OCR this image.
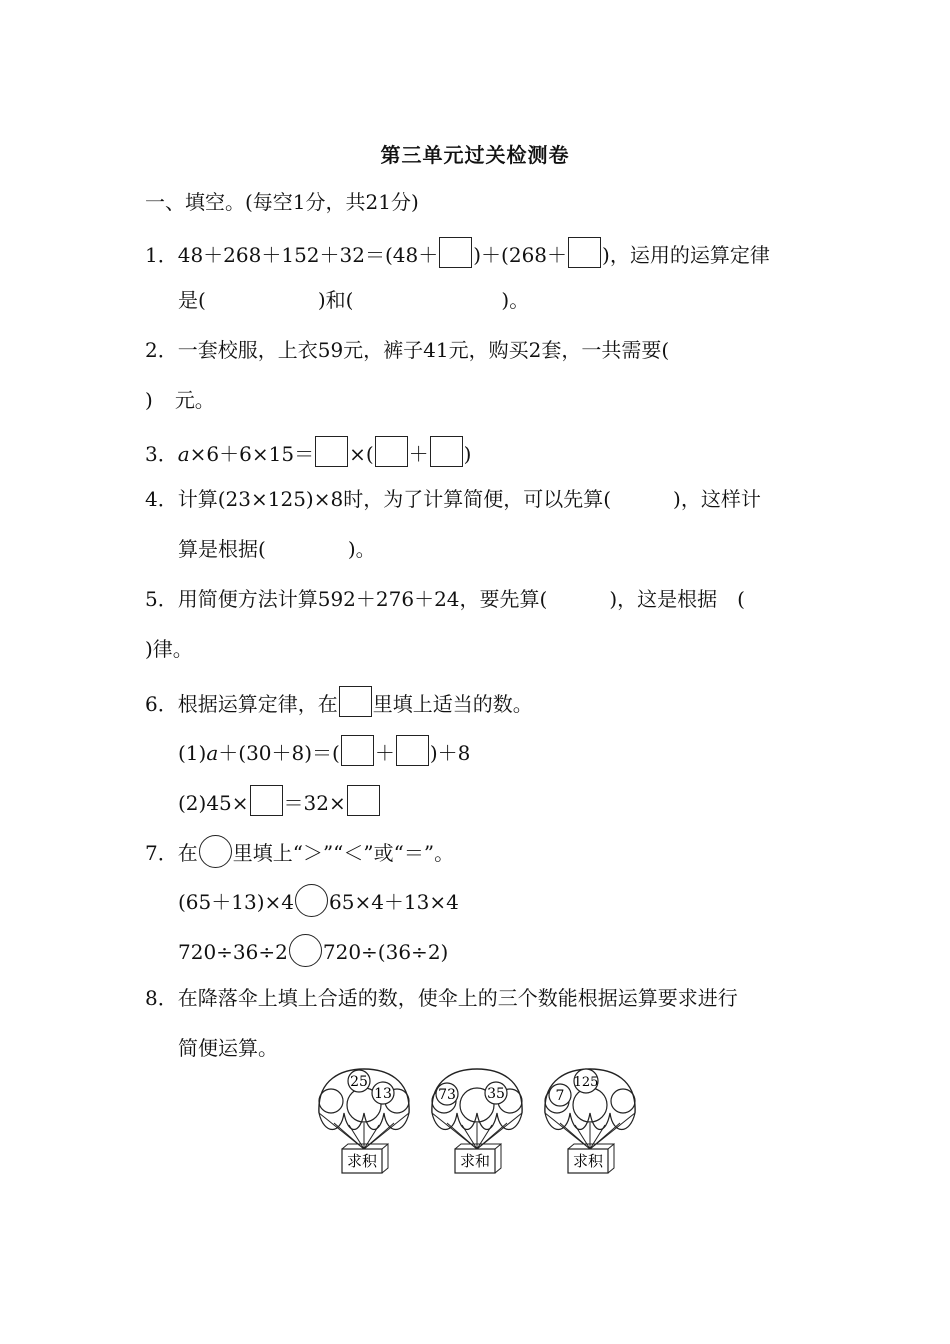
第三单元过关检测卷
一、填空。(每空1分，共21分)
1．48＋268＋152＋32＝(48＋ )＋(268＋ )，运用的运算定律
是(	)和(	)。
2．一套校服，上衣59元，裤子41元，购买2套，一共需要(
) 元。
3．a×6＋6×15＝ ×( ＋ )
4．计算(23×125)×8时，为了计算简便，可以先算(	)，这样计
算是根据(	)。
5．用简便方法计算592＋276＋24，要先算(	)，这是根据 (
)律。
6．根据运算定律，在 里填上适当的数。
(1)a＋(30＋8)＝( ＋ )＋8
(2)45× ＝32×
7．在 里填上“＞”“＜”或“＝”。
(65＋13)×4 65×4＋13×4
720÷36÷2 720÷(36÷2)
8．在降落伞上填上合适的数，使伞上的三个数能根据运算要求进行
简便运算。
25
13
求积
73 35
求和
7
125
求积
